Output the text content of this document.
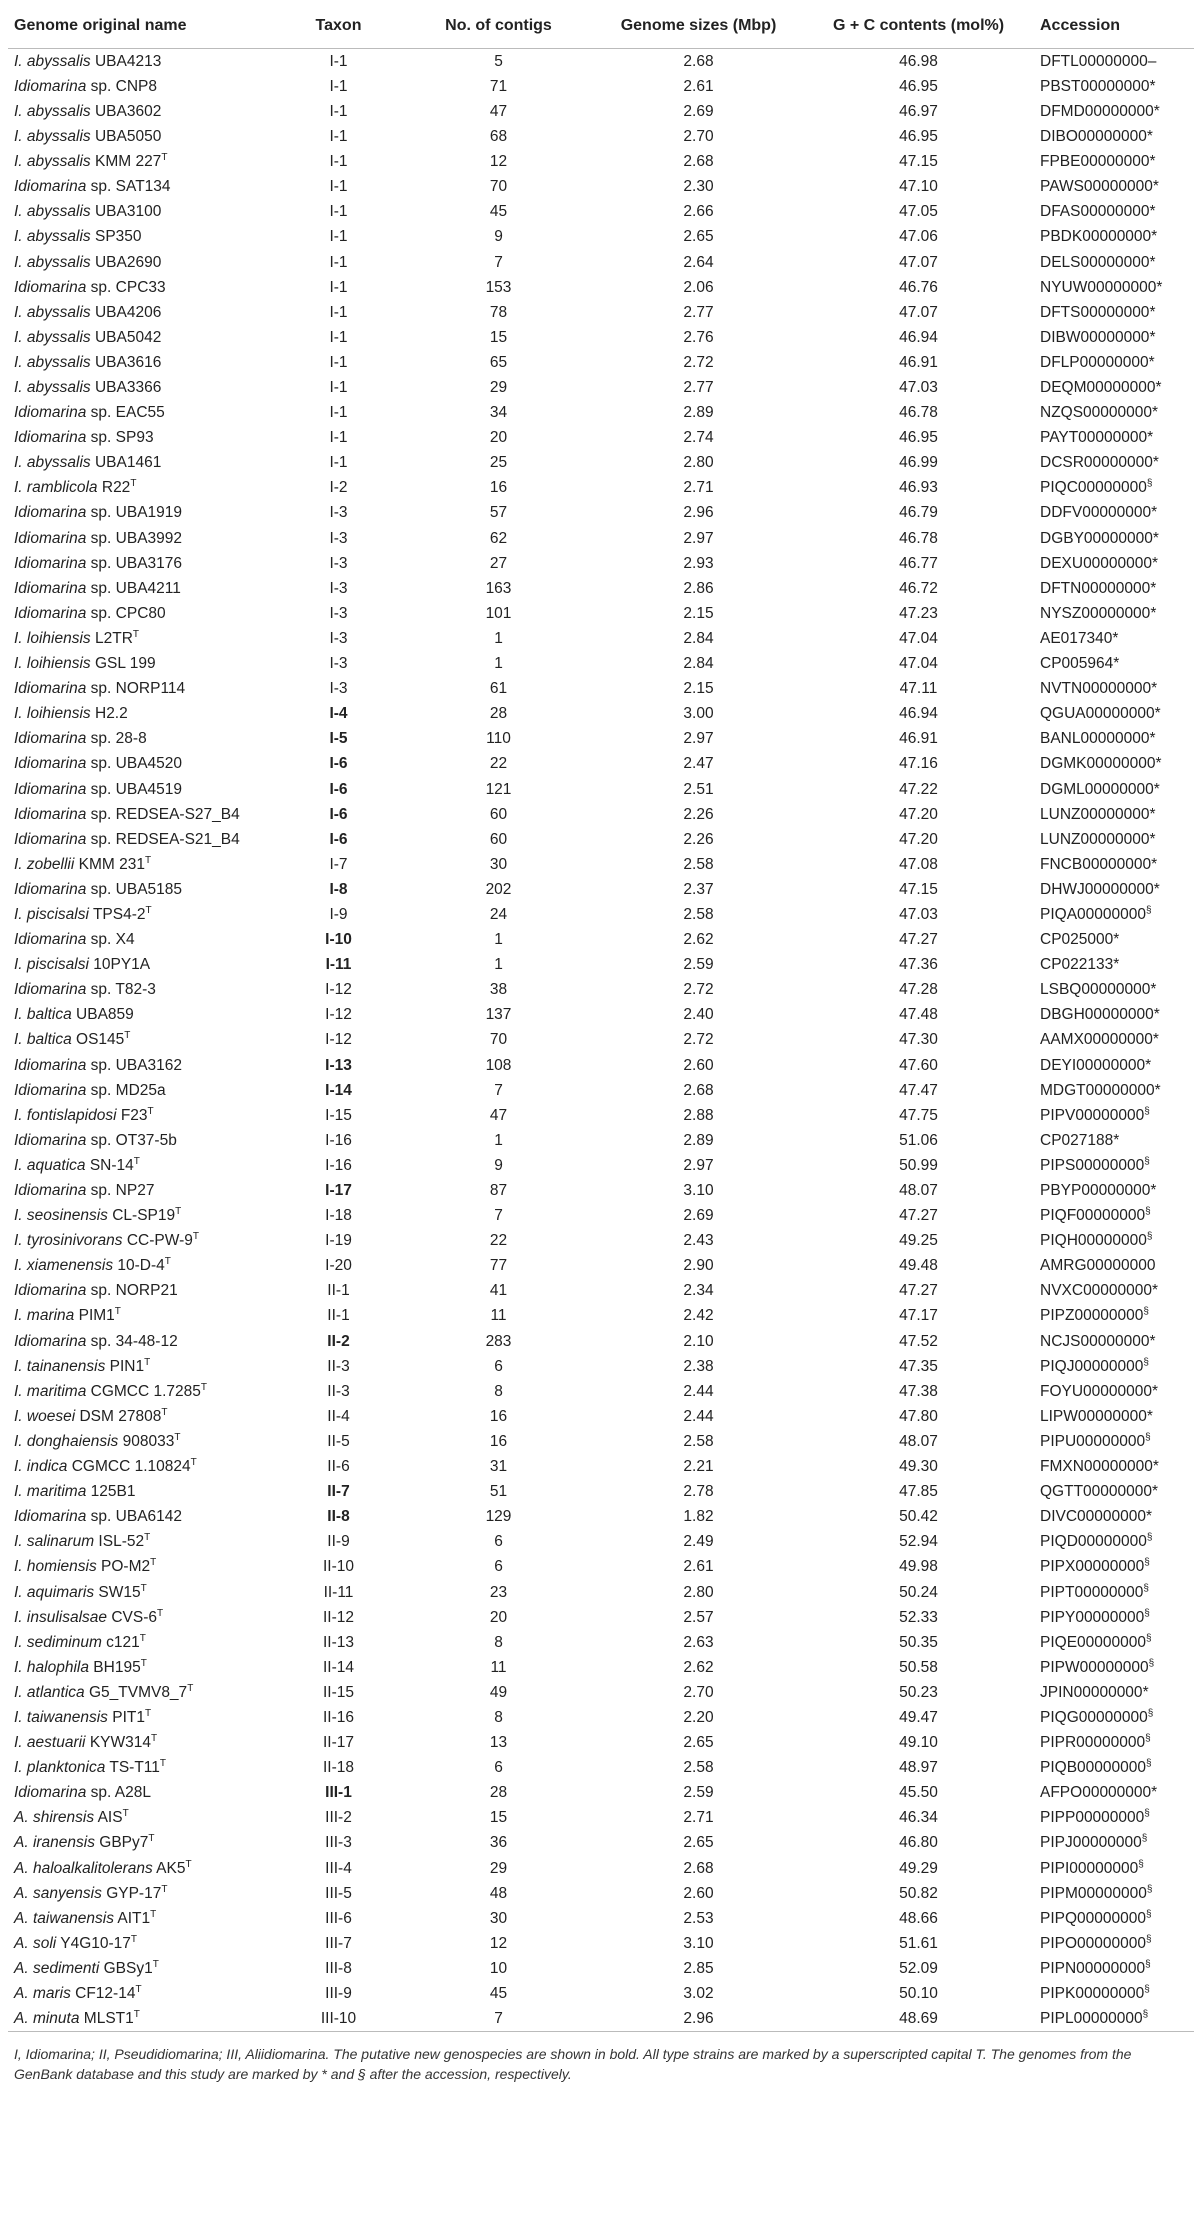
Genome original name	Taxon	No. of contigs	Genome sizes (Mbp)	G + C contents (mol%)	Accession
I. abyssalis UBA4213	I-1	5	2.68	46.98	DFTL00000000–
Idiomarina sp. CNP8	I-1	71	2.61	46.95	PBST00000000*
I. abyssalis UBA3602	I-1	47	2.69	46.97	DFMD00000000*
I. abyssalis UBA5050	I-1	68	2.70	46.95	DIBO00000000*
I. abyssalis KMM $227^T$	I-1	12	2.68	47.15	FPBE00000000*
Idiomarina sp. SAT134	I-1	70	2.30	47.10	PAWS00000000*
I. abyssalis UBA3100	I-1	45	2.66	47.05	DFAS00000000*
I. abyssalis SP350	I-1	9	2.65	47.06	PBDK00000000*
I. abyssalis UBA2690	I-1	7	2.64	47.07	DELS00000000*
Idiomarina sp. CPC33	I-1	153	2.06	46.76	NYUW00000000*
I. abyssalis UBA4206	I-1	78	2.77	47.07	DFTS00000000*
I. abyssalis UBA5042	I-1	15	2.76	46.94	DIBW00000000*
I. abyssalis UBA3616	I-1	65	2.72	46.91	DFLP00000000*
I. abyssalis UBA3366	I-1	29	2.77	47.03	DEQM00000000*
Idiomarina sp. EAC55	I-1	34	2.89	46.78	NZQS00000000*
Idiomarina sp. SP93	I-1	20	2.74	46.95	PAYT00000000*
I. abyssalis UBA1461	I-1	25	2.80	46.99	DCSR00000000*
I. ramblicola $R22^T$	I-2	16	2.71	46.93	PIQC00000000§
Idiomarina sp. UBA1919	I-3	57	2.96	46.79	DDFV00000000*
Idiomarina sp. UBA3992	I-3	62	2.97	46.78	DGBY00000000*
Idiomarina sp. UBA3176	I-3	27	2.93	46.77	DEXU00000000*
Idiomarina sp. UBA4211	I-3	163	2.86	46.72	DFTN00000000*
Idiomarina sp. CPC80	I-3	101	2.15	47.23	NYSZ00000000*
I. loihiensis $L2TR^T$	I-3	1	2.84	47.04	AE017340*
I. loihiensis GSL 199	I-3	1	2.84	47.04	CP005964*
Idiomarina sp. NORP114	I-3	61	2.15	47.11	NVTN00000000*
I. loihiensis H2.2	I-4	28	3.00	46.94	QGUA00000000*
Idiomarina sp. 28-8	I-5	110	2.97	46.91	BANL00000000*
Idiomarina sp. UBA4520	I-6	22	2.47	47.16	DGMK00000000*
Idiomarina sp. UBA4519	I-6	121	2.51	47.22	DGML00000000*
Idiomarina sp. REDSEA-S27_B4	I-6	60	2.26	47.20	LUNZ00000000*
Idiomarina sp. REDSEA-S21_B4	I-6	60	2.26	47.20	LUNZ00000000*
I. zobellii KMM $231^T$	I-7	30	2.58	47.08	FNCB00000000*
Idiomarina sp. UBA5185	I-8	202	2.37	47.15	DHWJ00000000*
I. piscisalsi $TPS4-2^T$	I-9	24	2.58	47.03	PIQA00000000§
Idiomarina sp. X4	I-10	1	2.62	47.27	CP025000*
I. piscisalsi 10PY1A	I-11	1	2.59	47.36	CP022133*
Idiomarina sp. T82-3	I-12	38	2.72	47.28	LSBQ00000000*
I. baltica UBA859	I-12	137	2.40	47.48	DBGH00000000*
I. baltica $OS145^T$	I-12	70	2.72	47.30	AAMX00000000*
Idiomarina sp. UBA3162	I-13	108	2.60	47.60	DEYI00000000*
Idiomarina sp. MD25a	I-14	7	2.68	47.47	MDGT00000000*
I. fontislapidosi $F23^T$	I-15	47	2.88	47.75	PIPV00000000§
Idiomarina sp. OT37-5b	I-16	1	2.89	51.06	CP027188*
I. aquatica $SN-14^T$	I-16	9	2.97	50.99	PIPS00000000§
Idiomarina sp. NP27	I-17	87	3.10	48.07	PBYP00000000*
I. seosinensis $CL-SP19^T$	I-18	7	2.69	47.27	PIQF00000000§
I. tyrosinivorans $CC-PW-9^T$	I-19	22	2.43	49.25	PIQH00000000§
I. xiamenensis $10-D-4^T$	I-20	77	2.90	49.48	AMRG00000000
Idiomarina sp. NORP21	II-1	41	2.34	47.27	NVXC00000000*
I. marina $PIM1^T$	II-1	11	2.42	47.17	PIPZ00000000§
Idiomarina sp. 34-48-12	II-2	283	2.10	47.52	NCJS00000000*
I. tainanensis $PIN1^T$	II-3	6	2.38	47.35	PIQJ00000000§
I. maritima CGMCC $1.7285^T$	II-3	8	2.44	47.38	FOYU00000000*
I. woesei DSM $27808^T$	II-4	16	2.44	47.80	LIPW00000000*
I. donghaiensis $908033^T$	II-5	16	2.58	48.07	PIPU00000000§
I. indica CGMCC $1.10824^T$	II-6	31	2.21	49.30	FMXN00000000*
I. maritima 125B1	II-7	51	2.78	47.85	QGTT00000000*
Idiomarina sp. UBA6142	II-8	129	1.82	50.42	DIVC00000000*
I. salinarum ISL-$52^T$	II-9	6	2.49	52.94	PIQD00000000§
I. homiensis $PO-M2^T$	II-10	6	2.61	49.98	PIPX00000000§
I. aquimaris $SW15^T$	II-11	23	2.80	50.24	PIPT00000000§
I. insulisalsae CVS-$6^T$	II-12	20	2.57	52.33	PIPY00000000§
I. sediminum $c121^T$	II-13	8	2.63	50.35	PIQE00000000§
I. halophila $BH195^T$	II-14	11	2.62	50.58	PIPW00000000§
I. atlantica $G5\_TVMV8\_7^T$	II-15	49	2.70	50.23	JPIN00000000*
I. taiwanensis $PIT1^T$	II-16	8	2.20	49.47	PIQG00000000§
I. aestuarii $KYW314^T$	II-17	13	2.65	49.10	PIPR00000000§
I. planktonica $TS-T11^T$	II-18	6	2.58	48.97	PIQB00000000§
Idiomarina sp. A28L	III-1	28	2.59	45.50	AFPO00000000*
A. shirensis $AIS^T$	III-2	15	2.71	46.34	PIPP00000000§
A. iranensis $GBPy7^T$	III-3	36	2.65	46.80	PIPJ00000000§
A. haloalkalitolerans $AK5^T$	III-4	29	2.68	49.29	PIPI00000000§
A. sanyensis GYP-$17^T$	III-5	48	2.60	50.82	PIPM00000000§
A. taiwanensis $AIT1^T$	III-6	30	2.53	48.66	PIPQ00000000§
A. soli $Y4G10-17^T$	III-7	12	3.10	51.61	PIPO00000000§
A. sedimenti $GBSy1^T$	III-8	10	2.85	52.09	PIPN00000000§
A. maris $CF12-14^T$	III-9	45	3.02	50.10	PIPK00000000§
A. minuta $MLST1^T$	III-10	7	2.96	48.69	PIPL00000000§
I, Idiomarina; II, Pseudidiomarina; III, Aliidiomarina. The putative new genospecies are shown in bold. All type strains are marked by a superscripted capital T. The genomes from the GenBank database and this study are marked by * and § after the accession, respectively.
